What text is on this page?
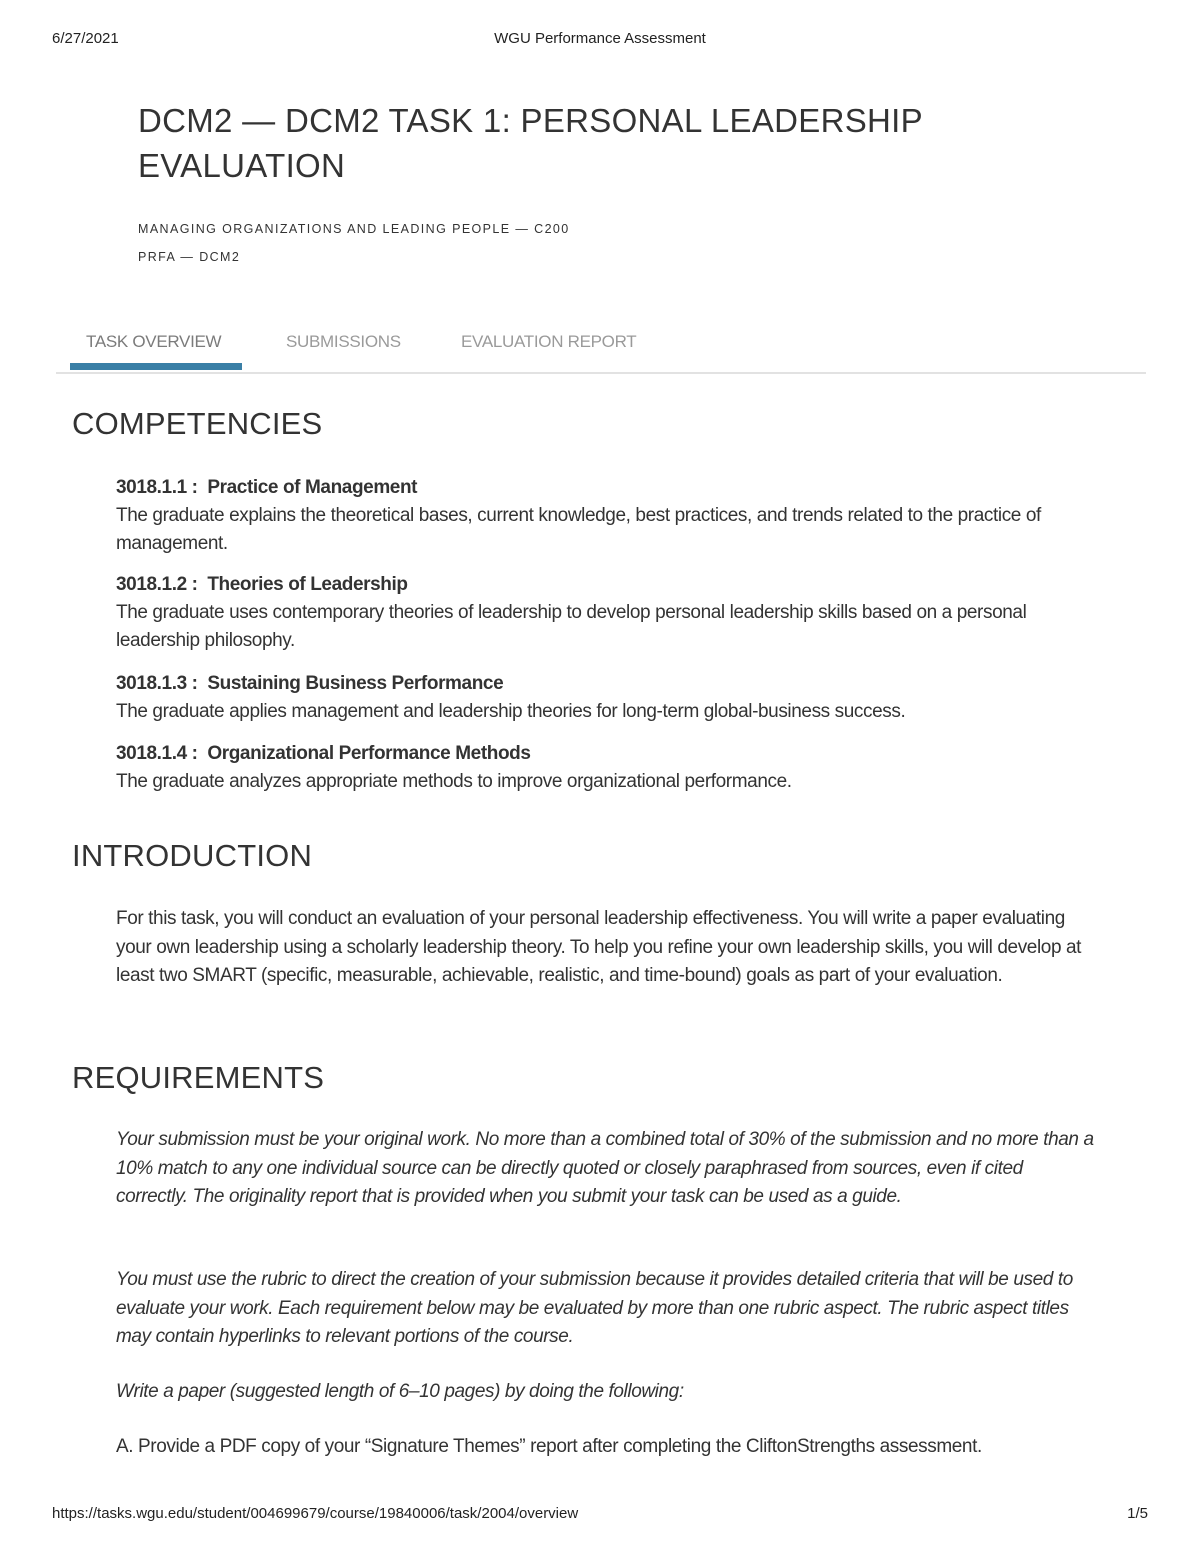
6/27/2021	WGU Performance Assessment
DCM2 — DCM2 TASK 1: PERSONAL LEADERSHIP EVALUATION
MANAGING ORGANIZATIONS AND LEADING PEOPLE — C200
PRFA — DCM2
TASK OVERVIEW	SUBMISSIONS	EVALUATION REPORT
COMPETENCIES
3018.1.1 : Practice of Management
The graduate explains the theoretical bases, current knowledge, best practices, and trends related to the practice of management.
3018.1.2 : Theories of Leadership
The graduate uses contemporary theories of leadership to develop personal leadership skills based on a personal leadership philosophy.
3018.1.3 : Sustaining Business Performance
The graduate applies management and leadership theories for long-term global-business success.
3018.1.4 : Organizational Performance Methods
The graduate analyzes appropriate methods to improve organizational performance.
INTRODUCTION

For this task, you will conduct an evaluation of your personal leadership effectiveness. You will write a paper evaluating your own leadership using a scholarly leadership theory. To help you refine your own leadership skills, you will develop at least two SMART (specific, measurable, achievable, realistic, and time-bound) goals as part of your evaluation.

REQUIREMENTS

Your submission must be your original work. No more than a combined total of 30% of the submission and no more than a 10% match to any one individual source can be directly quoted or closely paraphrased from sources, even if cited correctly. The originality report that is provided when you submit your task can be used as a guide.

You must use the rubric to direct the creation of your submission because it provides detailed criteria that will be used to evaluate your work. Each requirement below may be evaluated by more than one rubric aspect. The rubric aspect titles may contain hyperlinks to relevant portions of the course.

Write a paper (suggested length of 6–10 pages) by doing the following:

A. Provide a PDF copy of your “Signature Themes” report after completing the CliftonStrengths assessment.

https://tasks.wgu.edu/student/004699679/course/19840006/task/2004/overview	1/5
